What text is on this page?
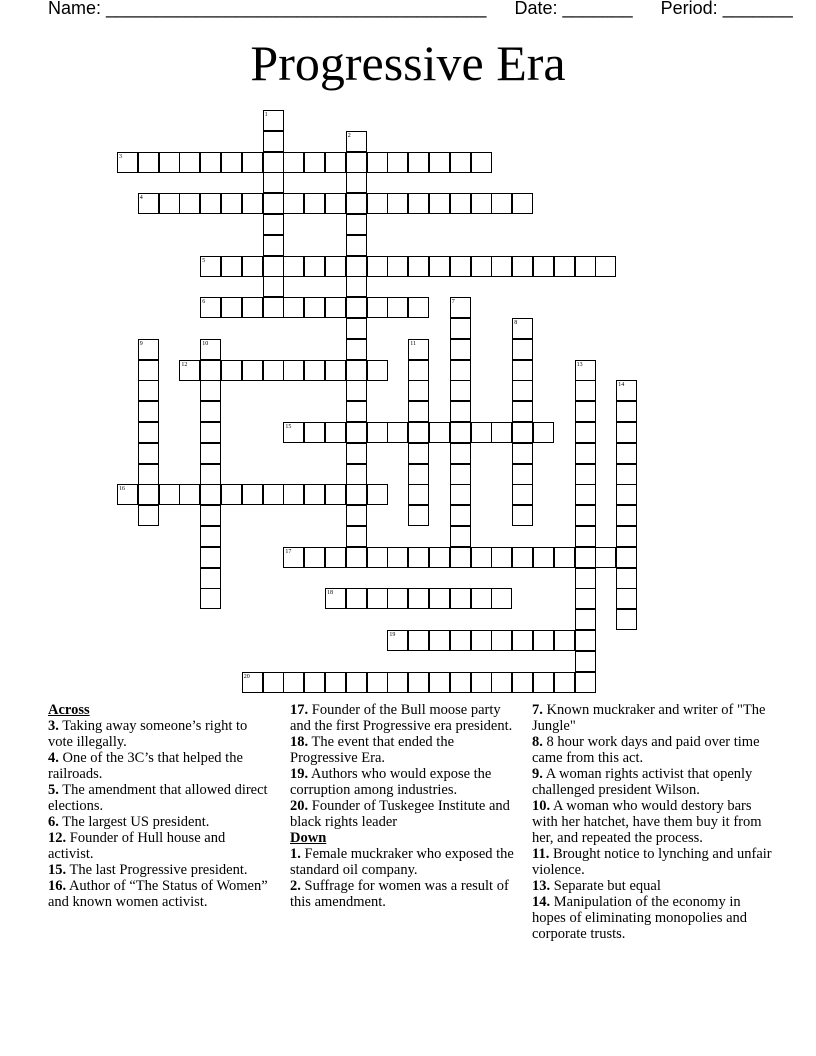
Name: ______________________________________ Date: _______ Period: _______
Progressive Era
1
2
3
4
5
6	7
8
9	10	11
12	13
14
15
16
17
18
19
20
Across
3. Taking away someone’s right to vote illegally.
4. One of the 3C’s that helped the railroads.
5. The amendment that allowed direct elections.
6. The largest US president.
12. Founder of Hull house and activist.
15. The last Progressive president.
16. Author of “The Status of Women” and known women activist.
17. Founder of the Bull moose party and the first Progressive era president.
18. The event that ended the Progressive Era.
19. Authors who would expose the corruption among industries.
20. Founder of Tuskegee Institute and black rights leader
Down
1. Female muckraker who exposed the standard oil company.
2. Suffrage for women was a result of this amendment.
7. Known muckraker and writer of "The Jungle"
8. 8 hour work days and paid over time came from this act.
9. A woman rights activist that openly challenged president Wilson.
10. A woman who would destory bars with her hatchet, have them buy it from her, and repeated the process.
11. Brought notice to lynching and unfair violence.
13. Separate but equal
14. Manipulation of the economy in hopes of eliminating monopolies and corporate trusts.
